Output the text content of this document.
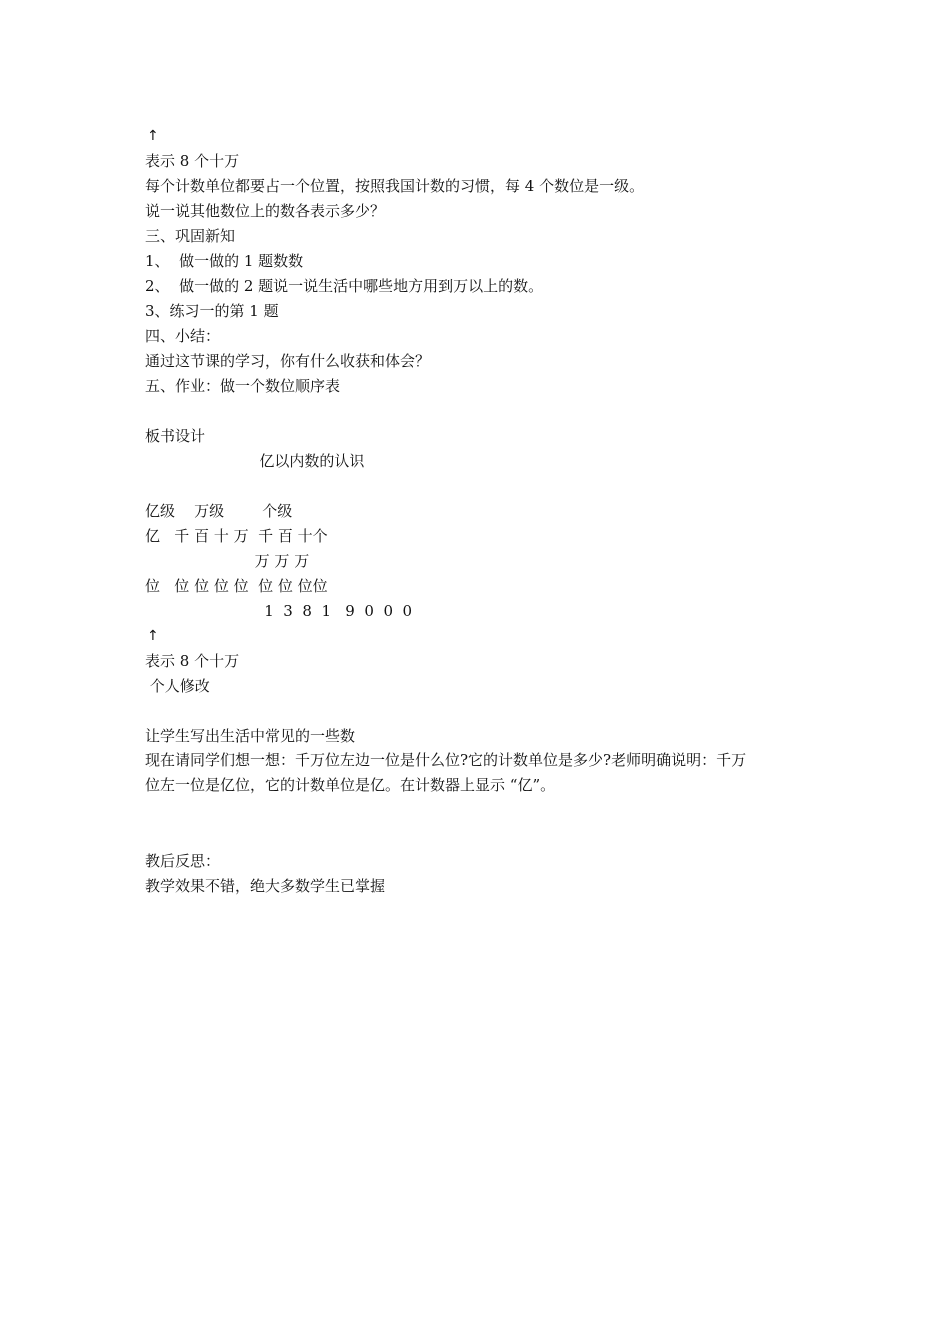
↑
表示 8 个十万
每个计数单位都要占一个位置，按照我国计数的习惯，每 4 个数位是一级。
说一说其他数位上的数各表示多少？
三、巩固新知
1、  做一做的 1 题数数
2、  做一做的 2 题说一说生活中哪些地方用到万以上的数。
3、练习一的第 1 题
四、小结：
通过这节课的学习，你有什么收获和体会？
五、作业：做一个数位顺序表
板书设计
亿以内数的认识
亿级    万级        个级
亿   千 百 十 万  千 百 十个
万 万 万
位   位 位 位 位  位 位 位位
1  3  8  1   9  0  0  0
↑
表示 8 个十万
个人修改
让学生写出生活中常见的一些数
现在请同学们想一想：千万位左边一位是什么位?它的计数单位是多少?老师明确说明：千万
位左一位是亿位，它的计数单位是亿。在计数器上显示 “亿”。
教后反思：
教学效果不错，绝大多数学生已掌握
